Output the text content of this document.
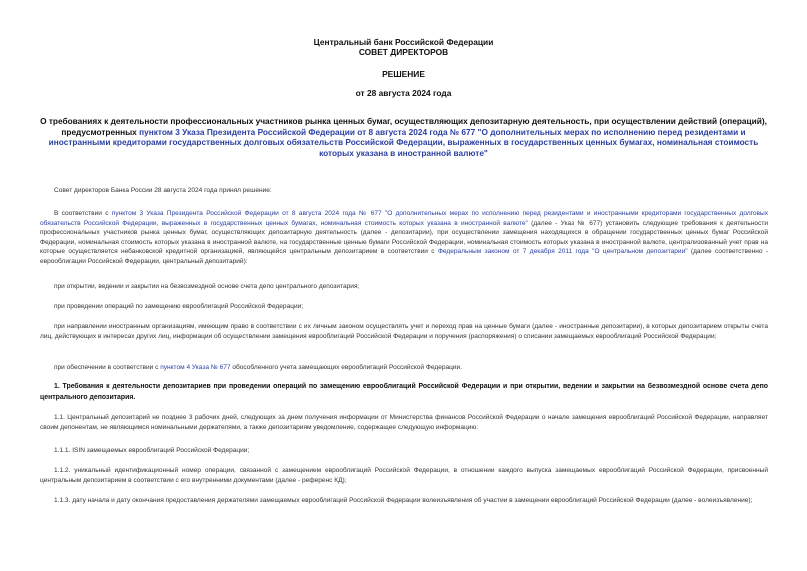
Центральный банк Российской Федерации
СОВЕТ ДИРЕКТОРОВ
РЕШЕНИЕ
от 28 августа 2024 года
О требованиях к деятельности профессиональных участников рынка ценных бумаг, осуществляющих депозитарную деятельность, при осуществлении действий (операций), предусмотренных пунктом 3 Указа Президента Российской Федерации от 8 августа 2024 года № 677 "О дополнительных мерах по исполнению перед резидентами и иностранными кредиторами государственных долговых обязательств Российской Федерации, выраженных в государственных ценных бумагах, номинальная стоимость которых указана в иностранной валюте"
Совет директоров Банка России 28 августа 2024 года принял решение:
В соответствии с пунктом 3 Указа Президента Российской Федерации от 8 августа 2024 года № 677 "О дополнительных мерах по исполнению перед резидентами и иностранными кредиторами государственных долговых обязательств Российской Федерации, выраженных в государственных ценных бумагах, номинальная стоимость которых указана в иностранной валюте" (далее - Указ № 677) установить следующие требования к деятельности профессиональных участников рынка ценных бумаг, осуществляющих депозитарную деятельность (далее - депозитарии), при осуществлении замещения находящихся в обращении государственных ценных бумаг Российской Федерации, номинальная стоимость которых указана в иностранной валюте, на государственные ценные бумаги Российской Федерации, номинальная стоимость которых указана в иностранной валюте, централизованный учет прав на которые осуществляется небанковской кредитной организацией, являющейся центральным депозитарием в соответствии с Федеральным законом от 7 декабря 2011 года "О центральном депозитарии" (далее соответственно - еврооблигации Российской Федерации, центральный депозитарий):
при открытии, ведении и закрытии на безвозмездной основе счета депо центрального депозитария;
при проведении операций по замещению еврооблигаций Российской Федерации;
при направлении иностранным организациям, имеющим право в соответствии с их личным законом осуществлять учет и переход прав на ценные бумаги (далее - иностранные депозитарии), в которых депозитарием открыты счета лиц, действующих в интересах других лиц, информации об осуществлении замещения еврооблигаций Российской Федерации и поручения (распоряжения) о списании замещаемых еврооблигаций Российской Федерации;
при обеспечении в соответствии с пунктом 4 Указа № 677 обособленного учета замещающих еврооблигаций Российской Федерации.
1. Требования к деятельности депозитариев при проведении операций по замещению еврооблигаций Российской Федерации и при открытии, ведении и закрытии на безвозмездной основе счета депо центрального депозитария.
1.1. Центральный депозитарий не позднее 3 рабочих дней, следующих за днем получения информации от Министерства финансов Российской Федерации о начале замещения еврооблигаций Российской Федерации, направляет своим депонентам, не являющимся номинальными держателями, а также депозитариям уведомление, содержащее следующую информацию:
1.1.1. ISIN замещаемых еврооблигаций Российской Федерации;
1.1.2. уникальный идентификационный номер операции, связанной с замещением еврооблигаций Российской Федерации, в отношении каждого выпуска замещаемых еврооблигаций Российской Федерации, присвоенный центральным депозитарием в соответствии с его внутренними документами (далее - референс КД);
1.1.3. дату начала и дату окончания предоставления держателями замещаемых еврооблигаций Российской Федерации волеизъявления об участии в замещении еврооблигаций Российской Федерации (далее - волеизъявление);
